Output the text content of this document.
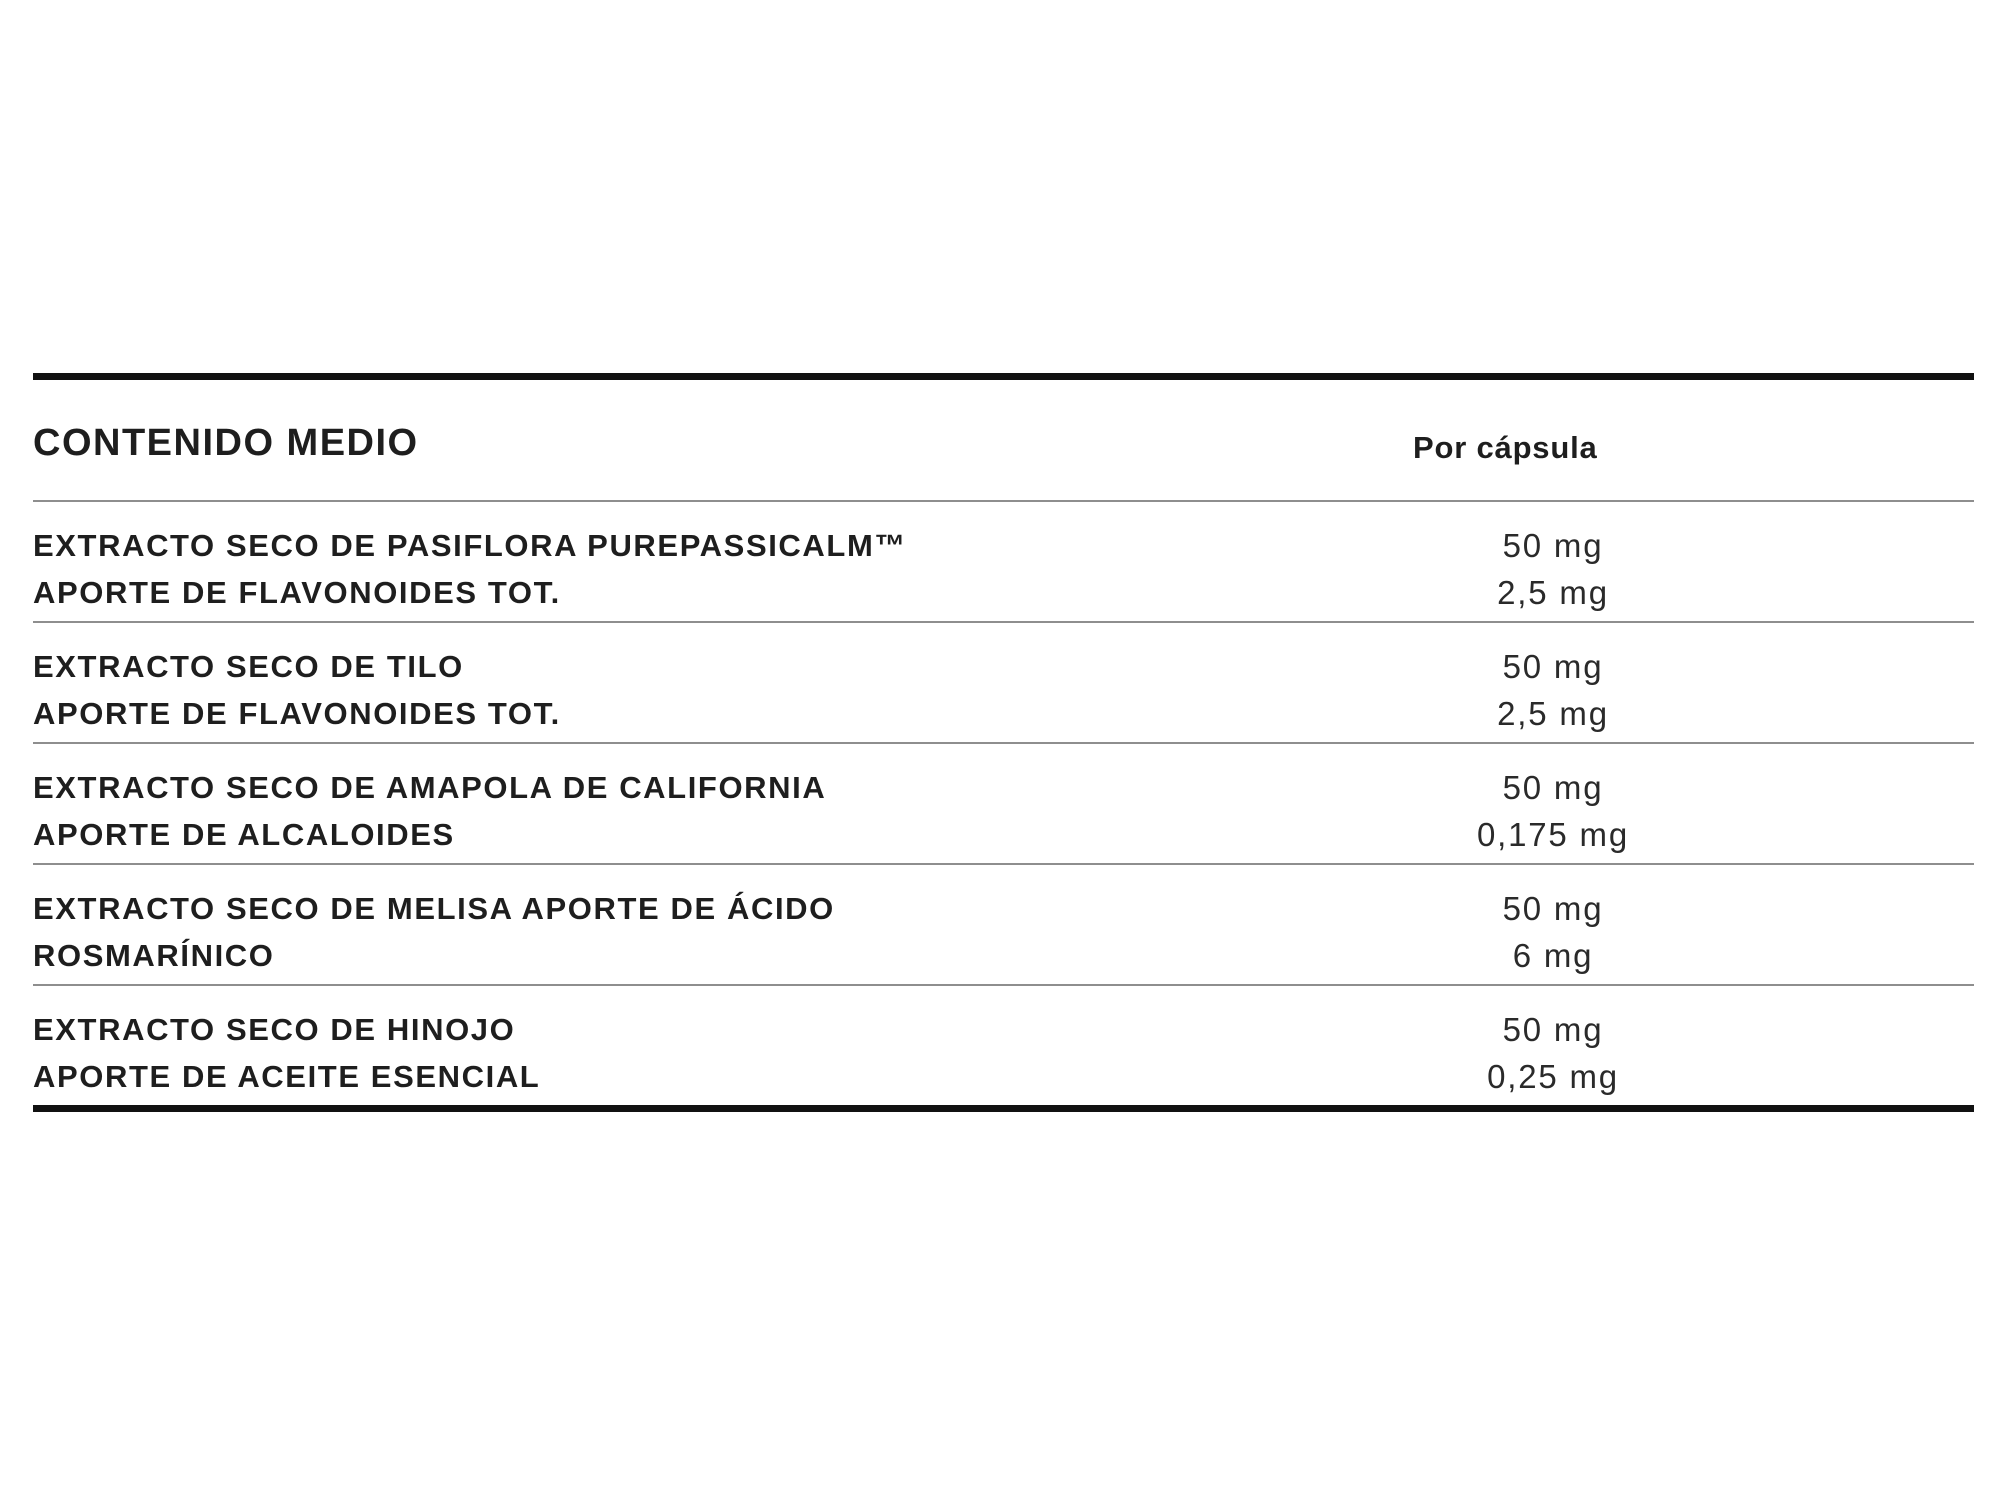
CONTENIDO MEDIO	Por cápsula
EXTRACTO SECO DE PASIFLORA PUREPASSICALM™
APORTE DE FLAVONOIDES TOT.
50 mg
2,5 mg
EXTRACTO SECO DE TILO
APORTE DE FLAVONOIDES TOT.
50 mg
2,5 mg
EXTRACTO SECO DE AMAPOLA DE CALIFORNIA
APORTE DE ALCALOIDES
50 mg
0,175 mg
EXTRACTO SECO DE MELISA APORTE DE ÁCIDO
ROSMARÍNICO
50 mg
6 mg
EXTRACTO SECO DE HINOJO
APORTE DE ACEITE ESENCIAL
50 mg
0,25 mg
